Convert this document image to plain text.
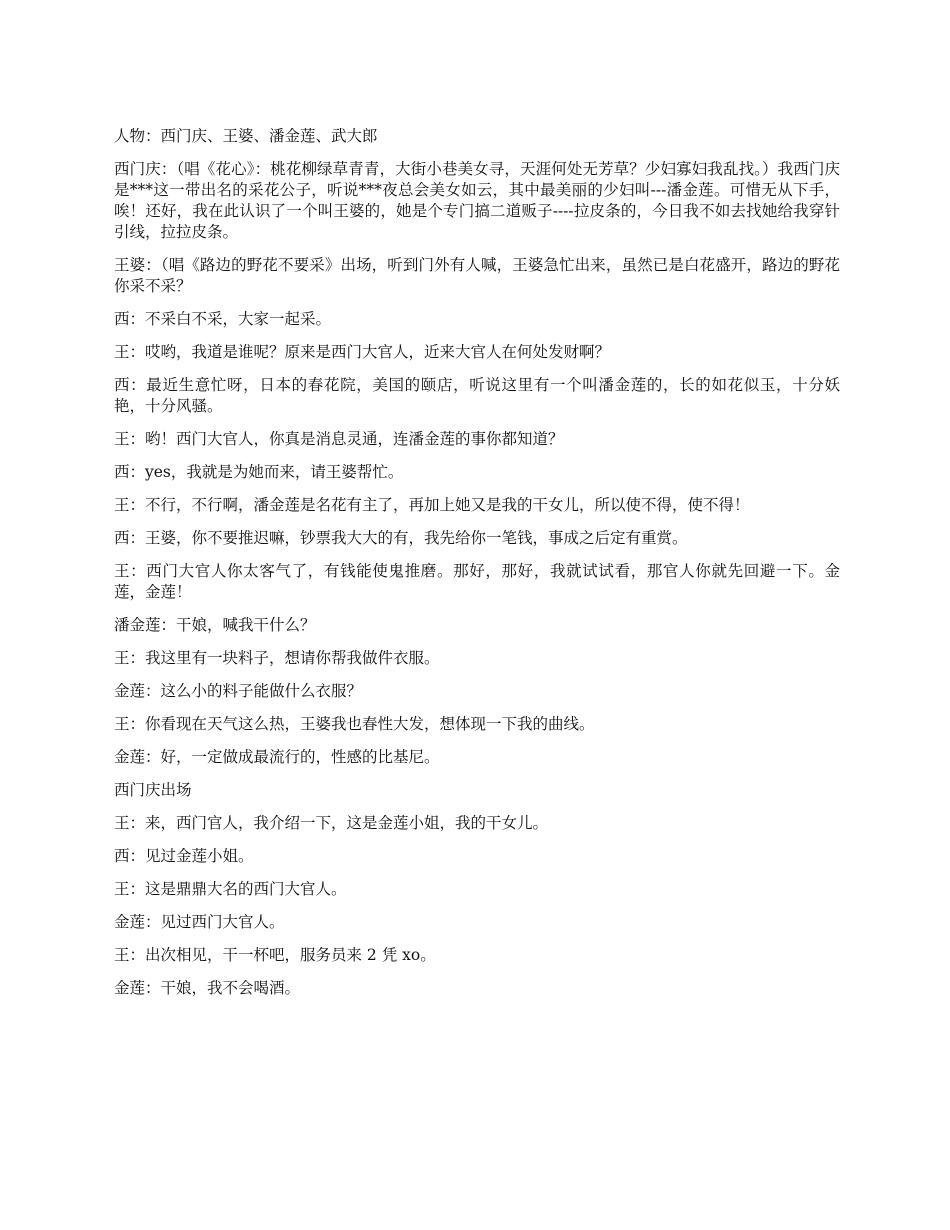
人物：西门庆、王婆、潘金莲、武大郎

西门庆：（唱《花心》：桃花柳绿草青青，大街小巷美女寻，天涯何处无芳草？少妇寡妇我乱找。）我西门庆是***这一带出名的采花公子，听说***夜总会美女如云，其中最美丽的少妇叫---潘金莲。可惜无从下手，唉！还好，我在此认识了一个叫王婆的，她是个专门搞二道贩子----拉皮条的，今日我不如去找她给我穿针引线，拉拉皮条。

王婆：（唱《路边的野花不要采》出场，听到门外有人喊，王婆急忙出来，虽然已是白花盛开，路边的野花你采不采？

西：不采白不采，大家一起采。

王：哎哟，我道是谁呢？原来是西门大官人，近来大官人在何处发财啊？

西：最近生意忙呀，日本的春花院，美国的颐店，听说这里有一个叫潘金莲的，长的如花似玉，十分妖艳，十分风骚。

王：哟！西门大官人，你真是消息灵通，连潘金莲的事你都知道？

西：yes，我就是为她而来，请王婆帮忙。

王：不行，不行啊，潘金莲是名花有主了，再加上她又是我的干女儿，所以使不得，使不得！

西：王婆，你不要推迟嘛，钞票我大大的有，我先给你一笔钱，事成之后定有重赏。

王：西门大官人你太客气了，有钱能使鬼推磨。那好，那好，我就试试看，那官人你就先回避一下。金莲，金莲！

潘金莲：干娘，喊我干什么？

王：我这里有一块料子，想请你帮我做件衣服。

金莲：这么小的料子能做什么衣服？

王：你看现在天气这么热，王婆我也春性大发，想体现一下我的曲线。

金莲：好，一定做成最流行的，性感的比基尼。

西门庆出场

王：来，西门官人，我介绍一下，这是金莲小姐，我的干女儿。

西：见过金莲小姐。

王：这是鼎鼎大名的西门大官人。

金莲：见过西门大官人。

王：出次相见，干一杯吧，服务员来 2 凭 xo。

金莲：干娘，我不会喝酒。
